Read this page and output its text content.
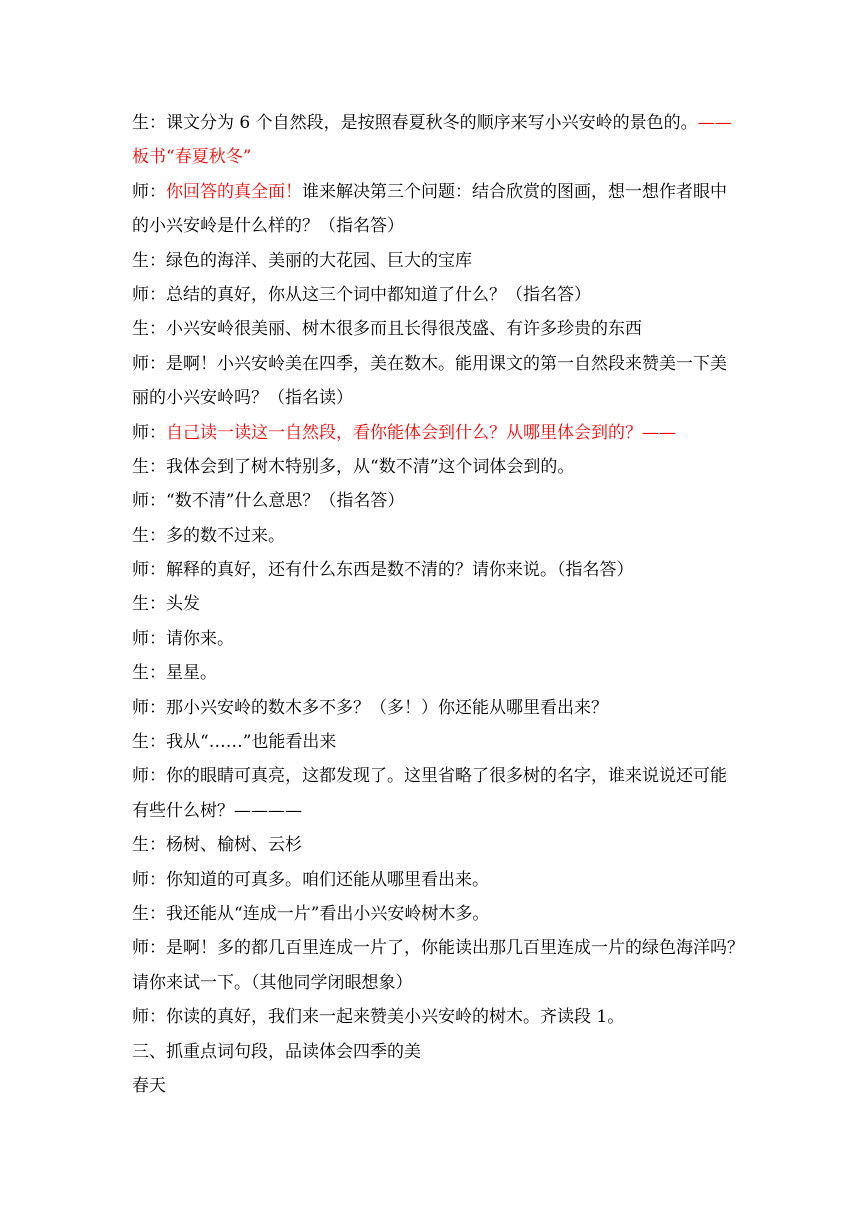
生：课文分为 6 个自然段，是按照春夏秋冬的顺序来写小兴安岭的景色的。——
板书“春夏秋冬”
师：你回答的真全面！谁来解决第三个问题：结合欣赏的图画，想一想作者眼中
的小兴安岭是什么样的？（指名答）
生：绿色的海洋、美丽的大花园、巨大的宝库
师：总结的真好，你从这三个词中都知道了什么？（指名答）
生：小兴安岭很美丽、树木很多而且长得很茂盛、有许多珍贵的东西
师：是啊！小兴安岭美在四季，美在数木。能用课文的第一自然段来赞美一下美
丽的小兴安岭吗？（指名读）
师：自己读一读这一自然段，看你能体会到什么？从哪里体会到的？——
生：我体会到了树木特别多，从“数不清”这个词体会到的。
师：“数不清”什么意思？（指名答）
生：多的数不过来。
师：解释的真好，还有什么东西是数不清的？请你来说。（指名答）
生：头发
师：请你来。
生：星星。
师：那小兴安岭的数木多不多？（多！）你还能从哪里看出来？
生：我从“……”也能看出来
师：你的眼睛可真亮，这都发现了。这里省略了很多树的名字，谁来说说还可能
有些什么树？————
生：杨树、榆树、云杉
师：你知道的可真多。咱们还能从哪里看出来。
生：我还能从“连成一片”看出小兴安岭树木多。
师：是啊！多的都几百里连成一片了，你能读出那几百里连成一片的绿色海洋吗？
请你来试一下。（其他同学闭眼想象）
师：你读的真好，我们来一起来赞美小兴安岭的树木。齐读段 1。
三、抓重点词句段，品读体会四季的美
春天
